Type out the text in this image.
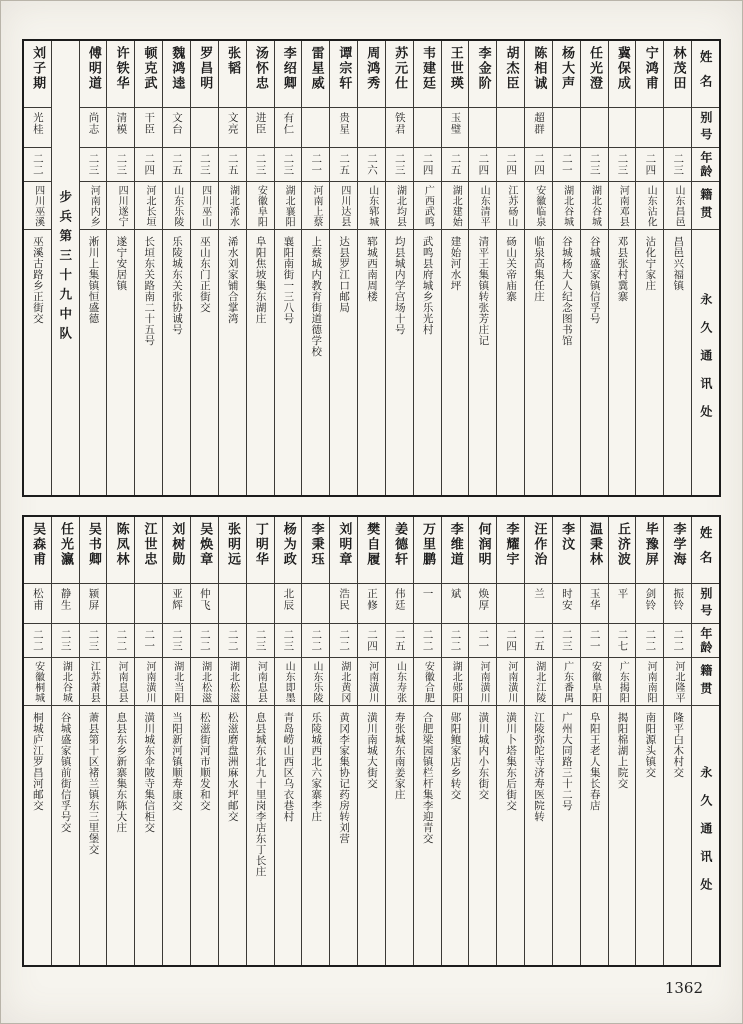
姓名
别号
年龄
籍贯
永久通讯处
林茂田
二三
山东昌邑
昌邑兴福镇
宁鸿甫
二四
山东沾化
沾化宁家庄
冀保成
二三
河南邓县
邓县张村冀寨
任光澄
二三
湖北谷城
谷城盛家镇信孚号
杨大声
二一
湖北谷城
谷城杨大人纪念图书馆
陈相诚
超群
二四
安徽临泉
临泉高集任庄
胡杰臣
二四
江苏砀山
砀山关帝庙寨
李金阶
二四
山东清平
清平王集镇转张芳庄记
王世瑛
玉璧
二五
湖北建始
建始河水坪
韦建廷
二四
广西武鸣
武鸣县府城乡乐光村
苏元仕
铁君
二三
湖北均县
均县城内学宫场十号
周鸿秀
二六
山东郓城
郓城西南周楼
谭宗轩
贵星
二五
四川达县
达县罗江口邮局
雷星威
二一
河南上蔡
上蔡城内教育街道德学校
李绍卿
有仁
二三
湖北襄阳
襄阳南街一三八号
汤怀忠
进臣
二三
安徽阜阳
阜阳焦坡集东湖庄
张韬
文亮
二五
湖北浠水
浠水刘家铺合掌湾
罗昌明
二三
四川巫山
巫山东门正街交
魏鸿逵
文台
二五
山东乐陵
乐陵城东关张协诚号
顿克武
干臣
二四
河北长垣
长垣东关路南二十五号
许铁华
清模
二三
四川遂宁
遂宁安居镇
傅明道
尚志
二三
河南内乡
淅川上集镇恒盛德
步兵第三十九中队
刘子期
光桂
二二
四川巫溪
巫溪古路乡正街交
姓名
别号
年龄
籍贯
永久通讯处
李学海
振铃
二二
河北隆平
隆平白木村交
毕豫屏
剑铃
二二
河南南阳
南阳源头镇交
丘济波
平
二七
广东揭阳
揭阳棉湖上院交
温秉林
玉华
二一
安徽阜阳
阜阳王老人集长春店
李汶
时安
二三
广东番禺
广州大同路三十二号
汪作治
兰
二五
湖北江陵
江陵弥陀寺济寿医院转
李耀宇
二四
河南潢川
潢川卜塔集东后街交
何润明
焕厚
二一
河南潢川
潢川城内小东街交
李维道
斌
二二
湖北郧阳
郧阳鲍家店乡转交
万里鹏
一
二二
安徽合肥
合肥梁园镇栏杆集李迎青交
姜德轩
伟廷
二五
山东寿张
寿张城东南姜家庄
樊自履
正修
二四
河南潢川
潢川南城大街交
刘明章
浩民
二二
湖北黄冈
黄冈李家集协记药房转刘营
李秉珏
二二
山东乐陵
乐陵城西北六家寨李庄
杨为政
北辰
二三
山东即墨
青岛崂山西区乌衣巷村
丁明华
二三
河南息县
息县城东北九十里岗李店东丁长庄
张明远
二二
湖北松滋
松滋磨盘洲麻水坪邮交
吴焕章
仲飞
二二
湖北松滋
松滋街河市顺发和交
刘树勋
亚辉
二三
湖北当阳
当阳新河镇顺寿康交
江世忠
二一
河南潢川
潢川城东伞陂寺集信柜交
陈凤林
二二
河南息县
息县东乡新寨集东陈大庄
吴书卿
颍屏
二三
江苏萧县
萧县第十区褚兰镇东三里堡交
任光瀛
静生
二三
湖北谷城
谷城盛家镇前街信孚号交
吴森甫
松甫
二二
安徽桐城
桐城庐江罗昌河邮交
1362
